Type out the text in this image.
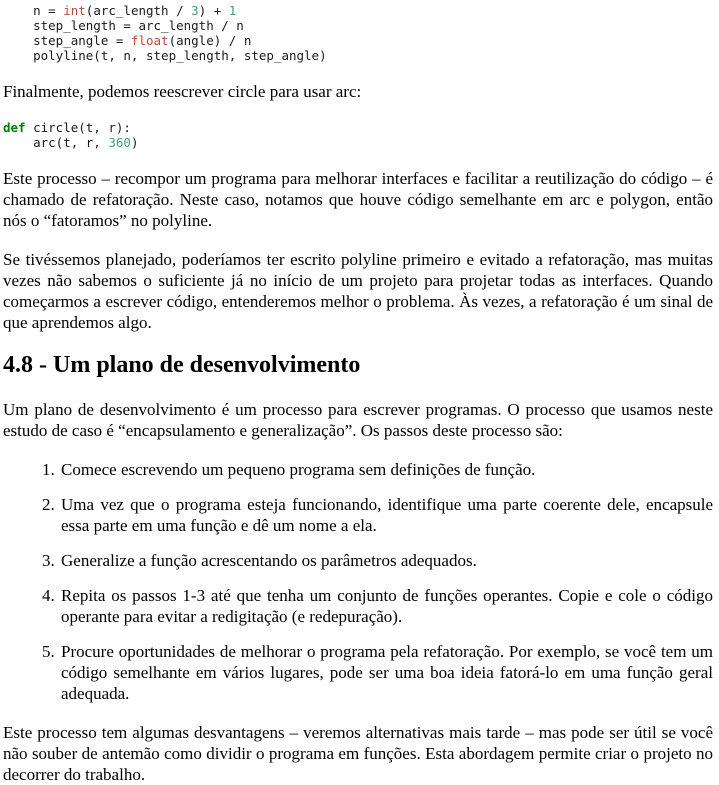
n = int(arc_length / 3) + 1
step_length = arc_length / n
step_angle = float(angle) / n
polyline(t, n, step_length, step_angle)

Finalmente, podemos reescrever circle para usar arc:

def circle(t, r):
arc(t, r, 360)

Este processo – recompor um programa para melhorar interfaces e facilitar a reutilização do código – é chamado de refatoração. Neste caso, notamos que houve código semelhante em arc e polygon, então nós o “fatoramos” no polyline.

Se tivéssemos planejado, poderíamos ter escrito polyline primeiro e evitado a refatoração, mas muitas vezes não sabemos o suficiente já no início de um projeto para projetar todas as interfaces. Quando começarmos a escrever código, entenderemos melhor o problema. Às vezes, a refatoração é um sinal de que aprendemos algo.

4.8 - Um plano de desenvolvimento

Um plano de desenvolvimento é um processo para escrever programas. O processo que usamos neste estudo de caso é “encapsulamento e generalização”. Os passos deste processo são:

1. Comece escrevendo um pequeno programa sem definições de função.
2. Uma vez que o programa esteja funcionando, identifique uma parte coerente dele, encapsule essa parte em uma função e dê um nome a ela.
3. Generalize a função acrescentando os parâmetros adequados.
4. Repita os passos 1-3 até que tenha um conjunto de funções operantes. Copie e cole o código operante para evitar a redigitação (e redepuração).
5. Procure oportunidades de melhorar o programa pela refatoração. Por exemplo, se você tem um código semelhante em vários lugares, pode ser uma boa ideia fatorá-lo em uma função geral adequada.

Este processo tem algumas desvantagens – veremos alternativas mais tarde – mas pode ser útil se você não souber de antemão como dividir o programa em funções. Esta abordagem permite criar o projeto no decorrer do trabalho.
